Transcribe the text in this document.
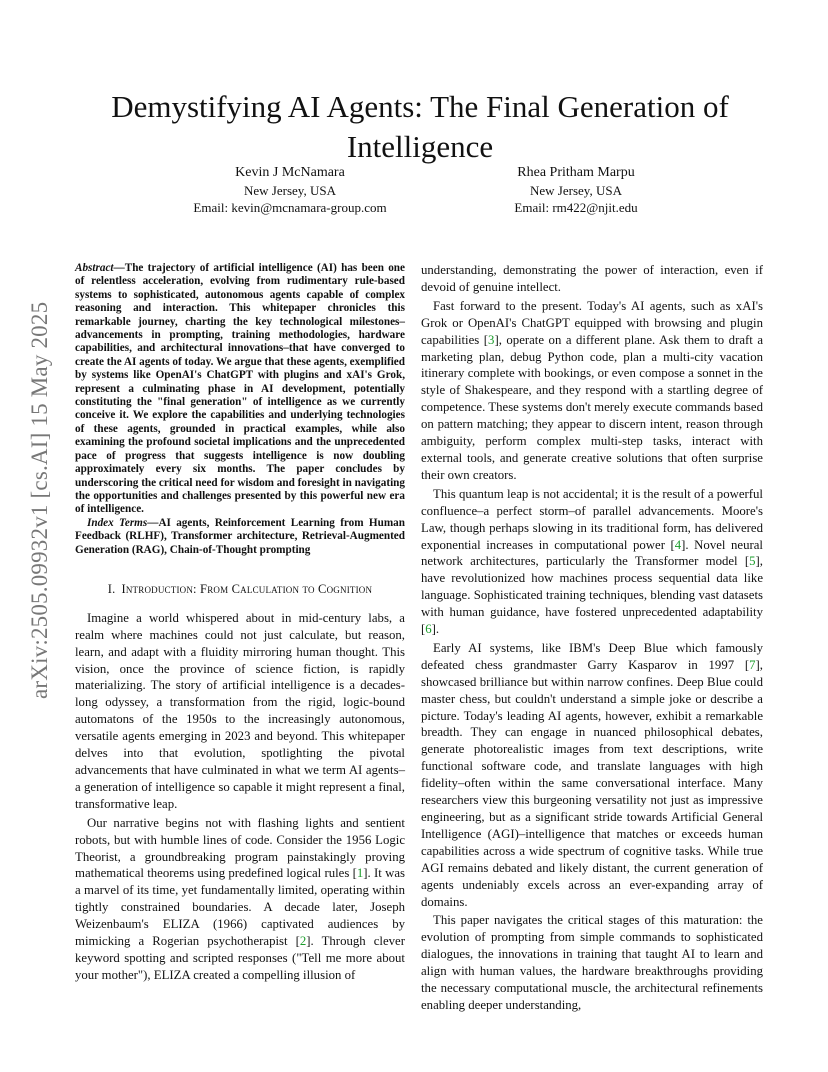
arXiv:2505.09932v1 [cs.AI] 15 May 2025
Demystifying AI Agents: The Final Generation of Intelligence
Kevin J McNamara
New Jersey, USA
Email: kevin@mcnamara-group.com
Rhea Pritham Marpu
New Jersey, USA
Email: rm422@njit.edu
Abstract—The trajectory of artificial intelligence (AI) has been one of relentless acceleration, evolving from rudimentary rule-based systems to sophisticated, autonomous agents capable of complex reasoning and interaction. This whitepaper chronicles this remarkable journey, charting the key technological milestones–advancements in prompting, training methodologies, hardware capabilities, and architectural innovations–that have converged to create the AI agents of today. We argue that these agents, exemplified by systems like OpenAI's ChatGPT with plugins and xAI's Grok, represent a culminating phase in AI development, potentially constituting the "final generation" of intelligence as we currently conceive it. We explore the capabilities and underlying technologies of these agents, grounded in practical examples, while also examining the profound societal implications and the unprecedented pace of progress that suggests intelligence is now doubling approximately every six months. The paper concludes by underscoring the critical need for wisdom and foresight in navigating the opportunities and challenges presented by this powerful new era of intelligence.
Index Terms—AI agents, Reinforcement Learning from Human Feedback (RLHF), Transformer architecture, Retrieval-Augmented Generation (RAG), Chain-of-Thought prompting
I. Introduction: From Calculation to Cognition

Imagine a world whispered about in mid-century labs, a realm where machines could not just calculate, but reason, learn, and adapt with a fluidity mirroring human thought. This vision, once the province of science fiction, is rapidly materializing. The story of artificial intelligence is a decades-long odyssey, a transformation from the rigid, logic-bound automatons of the 1950s to the increasingly autonomous, versatile agents emerging in 2023 and beyond. This whitepaper delves into that evolution, spotlighting the pivotal advancements that have culminated in what we term AI agents–a generation of intelligence so capable it might represent a final, transformative leap.

Our narrative begins not with flashing lights and sentient robots, but with humble lines of code. Consider the 1956 Logic Theorist, a groundbreaking program painstakingly proving mathematical theorems using predefined logical rules [1]. It was a marvel of its time, yet fundamentally limited, operating within tightly constrained boundaries. A decade later, Joseph Weizenbaum's ELIZA (1966) captivated audiences by mimicking a Rogerian psychotherapist [2]. Through clever keyword spotting and scripted responses ("Tell me more about your mother"), ELIZA created a compelling illusion of

understanding, demonstrating the power of interaction, even if devoid of genuine intellect.

Fast forward to the present. Today's AI agents, such as xAI's Grok or OpenAI's ChatGPT equipped with browsing and plugin capabilities [3], operate on a different plane. Ask them to draft a marketing plan, debug Python code, plan a multi-city vacation itinerary complete with bookings, or even compose a sonnet in the style of Shakespeare, and they respond with a startling degree of competence. These systems don't merely execute commands based on pattern matching; they appear to discern intent, reason through ambiguity, perform complex multi-step tasks, interact with external tools, and generate creative solutions that often surprise their own creators.

This quantum leap is not accidental; it is the result of a powerful confluence–a perfect storm–of parallel advancements. Moore's Law, though perhaps slowing in its traditional form, has delivered exponential increases in computational power [4]. Novel neural network architectures, particularly the Transformer model [5], have revolutionized how machines process sequential data like language. Sophisticated training techniques, blending vast datasets with human guidance, have fostered unprecedented adaptability [6].

Early AI systems, like IBM's Deep Blue which famously defeated chess grandmaster Garry Kasparov in 1997 [7], showcased brilliance but within narrow confines. Deep Blue could master chess, but couldn't understand a simple joke or describe a picture. Today's leading AI agents, however, exhibit a remarkable breadth. They can engage in nuanced philosophical debates, generate photorealistic images from text descriptions, write functional software code, and translate languages with high fidelity–often within the same conversational interface. Many researchers view this burgeoning versatility not just as impressive engineering, but as a significant stride towards Artificial General Intelligence (AGI)–intelligence that matches or exceeds human capabilities across a wide spectrum of cognitive tasks. While true AGI remains debated and likely distant, the current generation of agents undeniably excels across an ever-expanding array of domains.

This paper navigates the critical stages of this maturation: the evolution of prompting from simple commands to sophisticated dialogues, the innovations in training that taught AI to learn and align with human values, the hardware breakthroughs providing the necessary computational muscle, the architectural refinements enabling deeper understanding,
